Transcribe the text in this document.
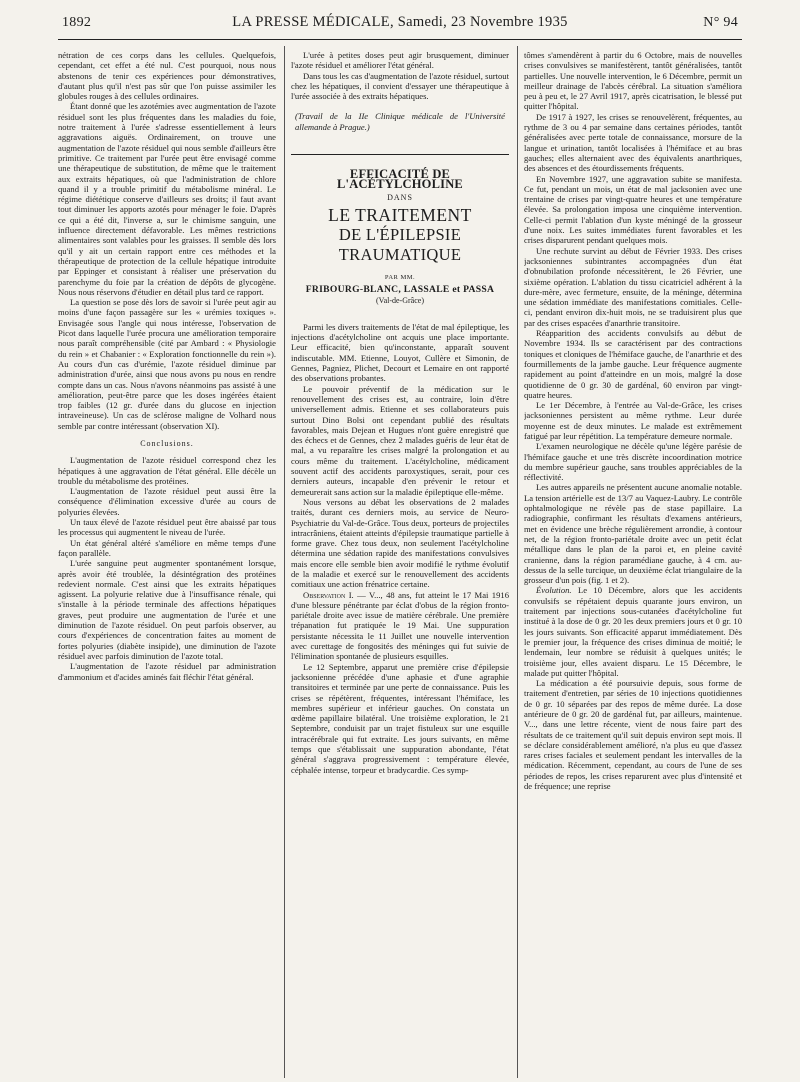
1892	LA PRESSE MÉDICALE, Samedi, 23 Novembre 1935	N° 94

nétration de ces corps dans les cellules. Quelquefois, cependant, cet effet a été nul. C'est pourquoi, nous nous abstenons de tenir ces expériences pour démonstratives, d'autant plus qu'il n'est pas sûr que l'on puisse assimiler les globules rouges à des cellules ordinaires.

Étant donné que les azotémies avec augmentation de l'azote résiduel sont les plus fréquentes dans les maladies du foie, notre traitement à l'urée s'adresse essentiellement à leurs aggravations aiguës. Ordinairement, on trouve une augmentation de l'azote résiduel qui nous semble d'ailleurs être primitive. Ce traitement par l'urée peut être envisagé comme une thérapeutique de substitution, de même que le traitement aux extraits hépatiques, où que l'administration de chlore quand il y a trouble primitif du métabolisme minéral. Le régime diététique conserve d'ailleurs ses droits; il faut avant tout diminuer les apports azotés pour ménager le foie. D'après ce qui a été dit, l'inverse a, sur le chimisme sanguin, une influence directement défavorable. Les mêmes restrictions alimentaires sont valables pour les graisses. Il semble dès lors qu'il y ait un certain rapport entre ces méthodes et la thérapeutique de protection de la cellule hépatique introduite par Eppinger et consistant à réaliser une préservation du parenchyme du foie par la création de dépôts de glycogène. Nous nous réservons d'étudier en détail plus tard ce rapport.

La question se pose dès lors de savoir si l'urée peut agir au moins d'une façon passagère sur les « urémies toxiques ». Envisagée sous l'angle qui nous intéresse, l'observation de Picot dans laquelle l'urée procura une amélioration temporaire nous paraît compréhensible (cité par Ambard : « Physiologie du rein » et Chabanier : « Exploration fonctionnelle du rein »). Au cours d'un cas d'urémie, l'azote résiduel diminue par administration d'urée, ainsi que nous avons pu nous en rendre compte dans un cas. Nous n'avons néanmoins pas assisté à une amélioration, peut-être parce que les doses ingérées étaient trop faibles (12 gr. d'urée dans du glucose en injection intraveineuse). Un cas de sclérose maligne de Volhard nous semble par contre intéressant (observation XI).

Conclusions.

L'augmentation de l'azote résiduel correspond chez les hépatiques à une aggravation de l'état général. Elle décèle un trouble du métabolisme des protéines.

L'augmentation de l'azote résiduel peut aussi être la conséquence d'élimination excessive d'urée au cours de polyuries élevées.

Un taux élevé de l'azote résiduel peut être abaissé par tous les processus qui augmentent le niveau de l'urée.

Un état général altéré s'améliore en même temps d'une façon parallèle.

L'urée sanguine peut augmenter spontanément lorsque, après avoir été troublée, la désintégration des protéines redevient normale. C'est ainsi que les extraits hépatiques agissent. La polyurie relative due à l'insuffisance rénale, qui s'installe à la période terminale des affections hépatiques graves, peut produire une augmentation de l'urée et une diminution de l'azote résiduel. On peut parfois observer, au cours d'expériences de concentration faites au moment de fortes polyuries (diabète insipide), une diminution de l'azote résiduel avec parfois diminution de l'azote total.

L'augmentation de l'azote résiduel par administration d'ammonium et d'acides aminés fait fléchir l'état général.

L'urée à petites doses peut agir brusquement, diminuer l'azote résiduel et améliorer l'état général.

Dans tous les cas d'augmentation de l'azote résiduel, surtout chez les hépatiques, il convient d'essayer une thérapeutique à l'urée associée à des extraits hépatiques.

(Travail de la IIe Clinique médicale de l'Université allemande à Prague.)

EFFICACITÉ DE L'ACÉTYLCHOLINE
DANS
LE TRAITEMENT
DE L'ÉPILEPSIE TRAUMATIQUE
PAR MM.
FRIBOURG-BLANC, LASSALE et PASSA
(Val-de-Grâce)

Parmi les divers traitements de l'état de mal épileptique, les injections d'acétylcholine ont acquis une place importante. Leur efficacité, bien qu'inconstante, apparaît souvent indiscutable. MM. Etienne, Louyot, Cullère et Simonin, de Gennes, Pagniez, Plichet, Decourt et Lemaire en ont rapporté des observations probantes.

Le pouvoir préventif de la médication sur le renouvellement des crises est, au contraire, loin d'être universellement admis. Etienne et ses collaborateurs puis surtout Dino Bolsi ont cependant publié des résultats favorables, mais Dejean et Hugues n'ont guère enregistré que des échecs et de Gennes, chez 2 malades guéris de leur état de mal, a vu reparaître les crises malgré la prolongation et au cours même du traitement. L'acétylcholine, médicament souvent actif des accidents paroxystiques, serait, pour ces derniers auteurs, incapable d'en prévenir le retour et demeurerait sans action sur la maladie épileptique elle-même.

Nous versons au débat les observations de 2 malades traités, durant ces derniers mois, au service de Neuro-Psychiatrie du Val-de-Grâce. Tous deux, porteurs de projectiles intracrâniens, étaient atteints d'épilepsie traumatique partielle à forme grave. Chez tous deux, non seulement l'acétylcholine détermina une sédation rapide des manifestations convulsives mais encore elle semble bien avoir modifié le rythme évolutif de la maladie et exercé sur le renouvellement des accidents comitiaux une action frénatrice certaine.

Observation I. — V..., 48 ans, fut atteint le 17 Mai 1916 d'une blessure pénétrante par éclat d'obus de la région fronto-pariétale droite avec issue de matière cérébrale. Une première trépanation fut pratiquée le 19 Mai. Une suppuration persistante nécessita le 11 Juillet une nouvelle intervention avec curettage de fongosités des méninges qui fut suivie de l'élimination spontanée de plusieurs esquilles.

Le 12 Septembre, apparut une première crise d'épilepsie jacksonienne précédée d'une aphasie et d'une agraphie transitoires et terminée par une perte de connaissance. Puis les crises se répétèrent, fréquentes, intéressant l'hémiface, les membres supérieur et inférieur gauches. On constata un œdème papillaire bilatéral. Une troisième exploration, le 21 Septembre, conduisit par un trajet fistuleux sur une esquille intracérébrale qui fut extraite. Les jours suivants, en même temps que s'établissait une suppuration abondante, l'état général s'aggrava progressivement : température élevée, céphalée intense, torpeur et bradycardie. Ces symp-

tômes s'amendèrent à partir du 6 Octobre, mais de nouvelles crises convulsives se manifestèrent, tantôt généralisées, tantôt partielles. Une nouvelle intervention, le 6 Décembre, permit un meilleur drainage de l'abcès cérébral. La situation s'améliora peu à peu et, le 27 Avril 1917, après cicatrisation, le blessé put quitter l'hôpital.

De 1917 à 1927, les crises se renouvelèrent, fréquentes, au rythme de 3 ou 4 par semaine dans certaines périodes, tantôt généralisées avec perte totale de connaissance, morsure de la langue et urination, tantôt localisées à l'hémiface et au bras gauches; elles alternaient avec des équivalents anarthriques, des absences et des étourdissements fréquents.

En Novembre 1927, une aggravation subite se manifesta. Ce fut, pendant un mois, un état de mal jacksonien avec une trentaine de crises par vingt-quatre heures et une température élevée. Sa prolongation imposa une cinquième intervention. Celle-ci permit l'ablation d'un kyste méningé de la grosseur d'une noix. Les suites immédiates furent favorables et les crises disparurent pendant quelques mois.

Une rechute survint au début de Février 1933. Des crises jacksoniennes subintrantes accompagnées d'un état d'obnubilation profonde nécessitèrent, le 26 Février, une sixième opération. L'ablation du tissu cicatriciel adhérent à la dure-mère, avec fermeture, ensuite, de la méninge, détermina une sédation immédiate des manifestations comitiales. Celle-ci, pendant environ dix-huit mois, ne se traduisirent plus que par des crises espacées d'anarthrie transitoire.

Réapparition des accidents convulsifs au début de Novembre 1934. Ils se caractérisent par des contractions toniques et cloniques de l'hémiface gauche, de l'anarthrie et des fourmillements de la jambe gauche. Leur fréquence augmente rapidement au point d'atteindre en un mois, malgré la dose quotidienne de 0 gr. 30 de gardénal, 60 environ par vingt-quatre heures.

Le 1er Décembre, à l'entrée au Val-de-Grâce, les crises jacksoniennes persistent au même rythme. Leur durée moyenne est de deux minutes. Le malade est extrêmement fatigué par leur répétition. La température demeure normale.

L'examen neurologique ne décèle qu'une légère parésie de l'hémiface gauche et une très discrète incoordination motrice du membre supérieur gauche, sans troubles appréciables de la réflectivité.

Les autres appareils ne présentent aucune anomalie notable. La tension artérielle est de 13/7 au Vaquez-Laubry. Le contrôle ophtalmologique ne révèle pas de stase papillaire. La radiographie, confirmant les résultats d'examens antérieurs, met en évidence une brèche régulièrement arrondie, à contour net, de la région fronto-pariétale droite avec un petit éclat métallique dans le plan de la paroi et, en pleine cavité cranienne, dans la région paramédiane gauche, à 4 cm. au-dessus de la selle turcique, un deuxième éclat triangulaire de la grosseur d'un pois (fig. 1 et 2).

Évolution. Le 10 Décembre, alors que les accidents convulsifs se répétaient depuis quarante jours environ, un traitement par injections sous-cutanées d'acétylcholine fut institué à la dose de 0 gr. 20 les deux premiers jours et 0 gr. 10 les jours suivants. Son efficacité apparut immédiatement. Dès le premier jour, la fréquence des crises diminua de moitié; le lendemain, leur nombre se réduisit à quelques unités; le troisième jour, elles avaient disparu. Le 15 Décembre, le malade put quitter l'hôpital.

La médication a été poursuivie depuis, sous forme de traitement d'entretien, par séries de 10 injections quotidiennes de 0 gr. 10 séparées par des repos de même durée. La dose antérieure de 0 gr. 20 de gardénal fut, par ailleurs, maintenue. V..., dans une lettre récente, vient de nous faire part des résultats de ce traitement qu'il suit depuis environ sept mois. Il se déclare considérablement amélioré, n'a plus eu que d'assez rares crises faciales et seulement pendant les intervalles de la médication. Récemment, cependant, au cours de l'une de ses périodes de repos, les crises reparurent avec plus d'intensité et de fréquence; une reprise
